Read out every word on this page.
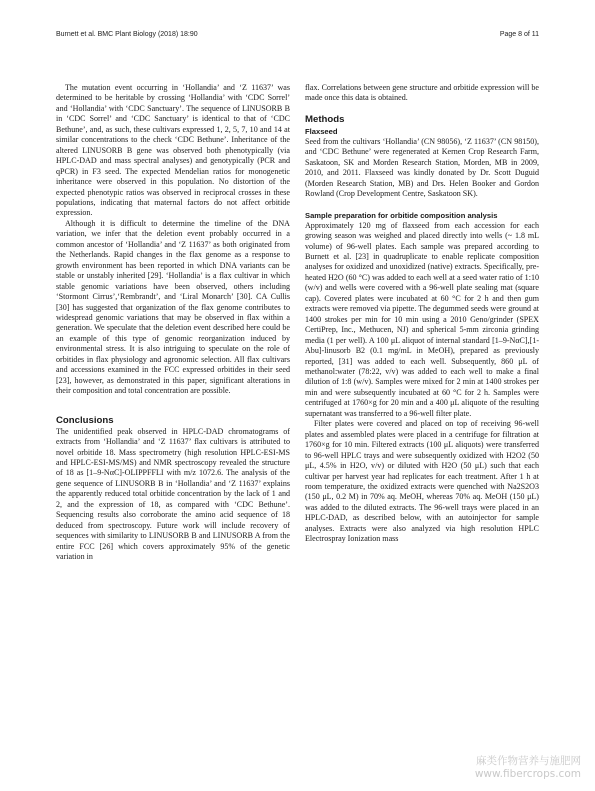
Burnett et al. BMC Plant Biology (2018) 18:90	Page 8 of 11

The mutation event occurring in ‘Hollandia’ and ‘Z 11637’ was determined to be heritable by crossing ‘Hollandia’ with ‘CDC Sorrel’ and ‘Hollandia’ with ‘CDC Sanctuary’. The sequence of LINUSORB B in ‘CDC Sorrel’ and ‘CDC Sanctuary’ is identical to that of ‘CDC Bethune’, and, as such, these cultivars expressed 1, 2, 5, 7, 10 and 14 at similar concentrations to the check ‘CDC Bethune’. Inheritance of the altered LINUSORB B gene was observed both phenotypically (via HPLC-DAD and mass spectral analyses) and genotypically (PCR and qPCR) in F3 seed. The expected Mendelian ratios for monogenetic inheritance were observed in this population. No distortion of the expected phenotypic ratios was observed in reciprocal crosses in these populations, indicating that maternal factors do not affect orbitide expression.

Although it is difficult to determine the timeline of the DNA variation, we infer that the deletion event probably occurred in a common ancestor of ‘Hollandia’ and ‘Z 11637’ as both originated from the Netherlands. Rapid changes in the flax genome as a response to growth environment has been reported in which DNA variants can be stable or unstably inherited [29]. ‘Hollandia’ is a flax cultivar in which stable genomic variations have been observed, others including ‘Stormont Cirrus’,‘Rembrandt’, and ‘Liral Monarch’ [30]. CA Cullis [30] has suggested that organization of the flax genome contributes to widespread genomic variations that may be observed in flax within a generation. We speculate that the deletion event described here could be an example of this type of genomic reorganization induced by environmental stress. It is also intriguing to speculate on the role of orbitides in flax physiology and agronomic selection. All flax cultivars and accessions examined in the FCC expressed orbitides in their seed [23], however, as demonstrated in this paper, significant alterations in their composition and total concentration are possible.

Conclusions

The unidentified peak observed in HPLC-DAD chromatograms of extracts from ‘Hollandia’ and ‘Z 11637’ flax cultivars is attributed to novel orbitide 18. Mass spectrometry (high resolution HPLC-ESI-MS and HPLC-ESI-MS/MS) and NMR spectroscopy revealed the structure of 18 as [1–9-NαC]-OLIPPFFLI with m/z 1072.6. The analysis of the gene sequence of LINUSORB B in ‘Hollandia’ and ‘Z 11637’ explains the apparently reduced total orbitide concentration by the lack of 1 and 2, and the expression of 18, as compared with ‘CDC Bethune’. Sequencing results also corroborate the amino acid sequence of 18 deduced from spectroscopy. Future work will include recovery of sequences with similarity to LINUSORB B and LINUSORB A from the entire FCC [26] which covers approximately 95% of the genetic variation in

flax. Correlations between gene structure and orbitide expression will be made once this data is obtained.

Methods
Flaxseed

Seed from the cultivars ‘Hollandia’ (CN 98056), ‘Z 11637’ (CN 98150), and ‘CDC Bethune’ were regenerated at Kernen Crop Research Farm, Saskatoon, SK and Morden Research Station, Morden, MB in 2009, 2010, and 2011. Flaxseed was kindly donated by Dr. Scott Duguid (Morden Research Station, MB) and Drs. Helen Booker and Gordon Rowland (Crop Development Centre, Saskatoon SK).

Sample preparation for orbitide composition analysis

Approximately 120 mg of flaxseed from each accession for each growing season was weighed and placed directly into wells (~ 1.8 mL volume) of 96-well plates. Each sample was prepared according to Burnett et al. [23] in quadruplicate to enable replicate composition analyses for oxidized and unoxidized (native) extracts. Specifically, pre-heated H2O (60 °C) was added to each well at a seed water ratio of 1:10 (w/v) and wells were covered with a 96-well plate sealing mat (square cap). Covered plates were incubated at 60 °C for 2 h and then gum extracts were removed via pipette. The degummed seeds were ground at 1400 strokes per min for 10 min using a 2010 Geno/grinder (SPEX CertiPrep, Inc., Methucen, NJ) and spherical 5-mm zirconia grinding media (1 per well). A 100 μL aliquot of internal standard [1–9-NαC],[1-Abu]-linusorb B2 (0.1 mg/mL in MeOH), prepared as previously reported, [31] was added to each well. Subsequently, 860 μL of methanol:water (78:22, v/v) was added to each well to make a final dilution of 1:8 (w/v). Samples were mixed for 2 min at 1400 strokes per min and were subsequently incubated at 60 °C for 2 h. Samples were centrifuged at 1760×g for 20 min and a 400 μL aliquote of the resulting supernatant was transferred to a 96-well filter plate.

Filter plates were covered and placed on top of receiving 96-well plates and assembled plates were placed in a centrifuge for filtration at 1760×g for 10 min. Filtered extracts (100 μL aliquots) were transferred to 96-well HPLC trays and were subsequently oxidized with H2O2 (50 μL, 4.5% in H2O, v/v) or diluted with H2O (50 μL) such that each cultivar per harvest year had replicates for each treatment. After 1 h at room temperature, the oxidized extracts were quenched with Na2S2O3 (150 μL, 0.2 M) in 70% aq. MeOH, whereas 70% aq. MeOH (150 μL) was added to the diluted extracts. The 96-well trays were placed in an HPLC-DAD, as described below, with an autoinjector for sample analyses. Extracts were also analyzed via high resolution HPLC Electrospray Ionization mass

麻类作物营养与施肥网
www.fibercrops.com
